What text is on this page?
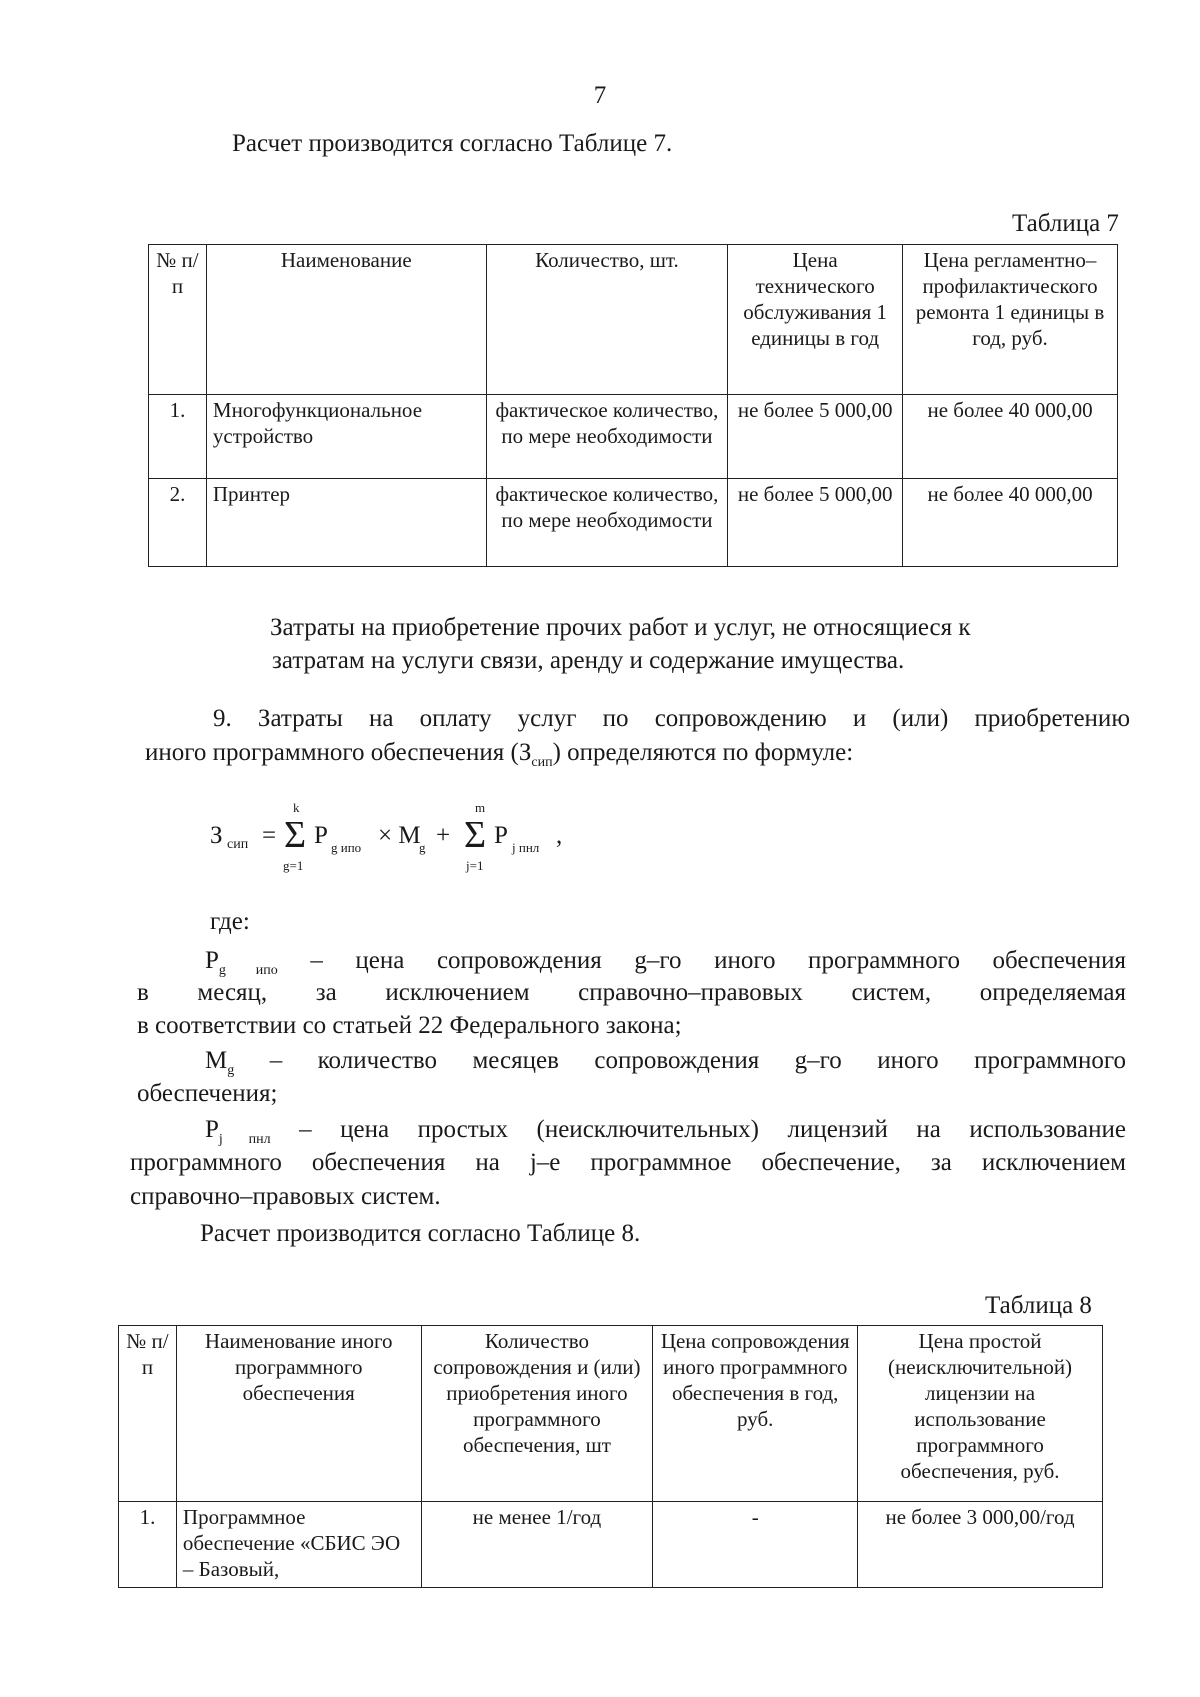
7
Расчет производится согласно Таблице 7.
Таблица 7
№ п/п	Наименование	Количество, шт.	Цена технического обслуживания 1 единицы в год	Цена регламентно–профилактического ремонта 1 единицы в год, руб.
1.	Многофункциональное устройство	фактическое количество, по мере необходимости	не более 5 000,00	не более 40 000,00
2.	Принтер	фактическое количество, по мере необходимости	не более 5 000,00	не более 40 000,00
Затраты на приобретение прочих работ и услуг, не относящиеся к
затратам на услуги связи, аренду и содержание имущества.
9. Затраты на оплату услуг по сопровождению и (или) приобретению
иного программного обеспечения $(З_{сип})$ определяются по формуле:
З сип =
k
Σ
g=1
P g ипо × M
g +
m
Σ
j=1
P j пнл ,
где:
$P_{g ипо}$ – цена сопровождения g–го иного программного обеспечения
в месяц, за исключением справочно–правовых систем, определяемая
в соответствии со статьей 22 Федерального закона;
$M_g$ – количество месяцев сопровождения g–го иного программного
обеспечения;
$P_{j пнл}$ – цена простых (неисключительных) лицензий на использование
программного обеспечения на j–е программное обеспечение, за исключением
справочно–правовых систем.
Расчет производится согласно Таблице 8.
Таблица 8
№ п/п	Наименование иного программного обеспечения	Количество сопровождения и (или) приобретения иного программного обеспечения, шт	Цена сопровождения иного программного обеспечения в год, руб.	Цена простой (неисключительной) лицензии на использование программного обеспечения, руб.
1.	Программное обеспечение «СБИС ЭО – Базовый,	не менее 1/год	-	не более 3 000,00/год
